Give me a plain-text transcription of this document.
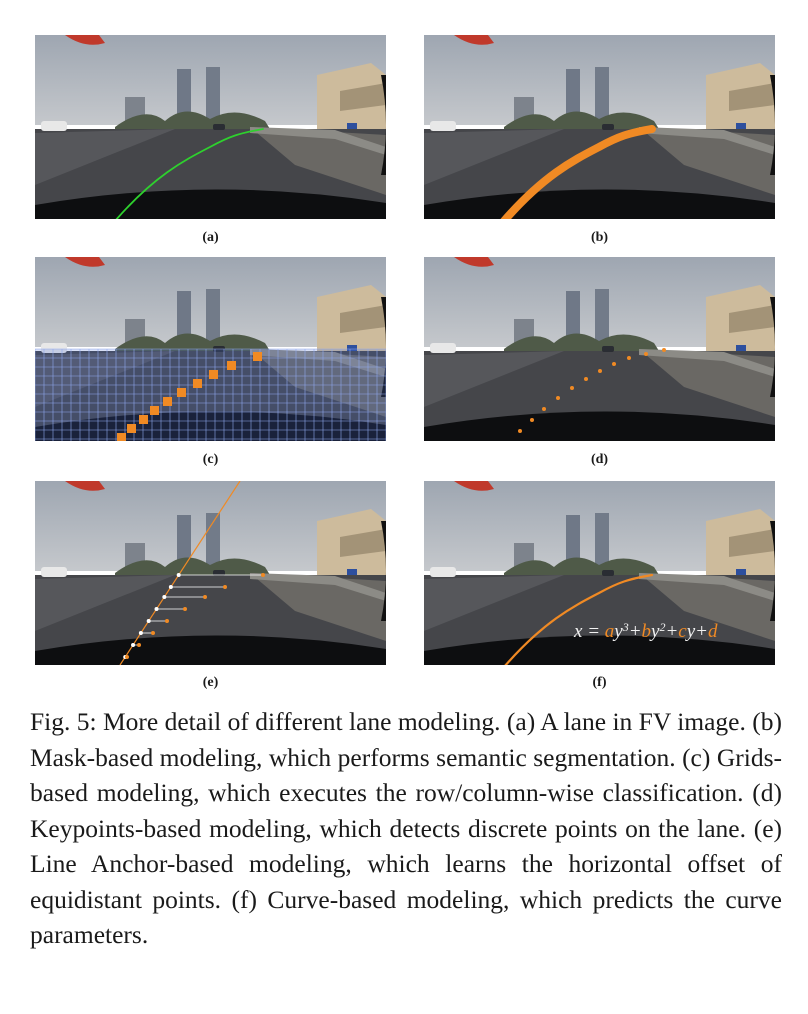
(a)	(b)
(c)	(d)
(e)
$x = ay^3+by^2+cy+d$
(f)
Fig. 5: More detail of different lane modeling. (a) A lane in FV image. (b) Mask-based modeling, which performs semantic segmentation. (c) Grids-based modeling, which executes the row/column-wise classification. (d) Keypoints-based modeling, which detects discrete points on the lane. (e) Line Anchor-based modeling, which learns the horizontal offset of equidistant points. (f) Curve-based modeling, which predicts the curve parameters.
